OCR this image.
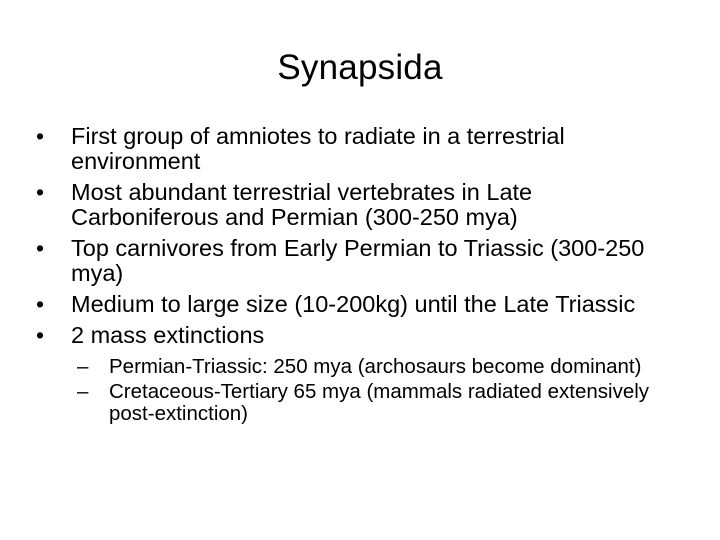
Synapsida
•	First group of amniotes to radiate in a terrestrial environment
•	Most abundant terrestrial vertebrates in Late Carboniferous and Permian (300-250 mya)
•	Top carnivores from Early Permian to Triassic (300-250 mya)
•	Medium to large size (10-200kg) until the Late Triassic
•	2 mass extinctions
–	Permian-Triassic: 250 mya (archosaurs become dominant)
–	Cretaceous-Tertiary 65 mya (mammals radiated extensively post-extinction)
